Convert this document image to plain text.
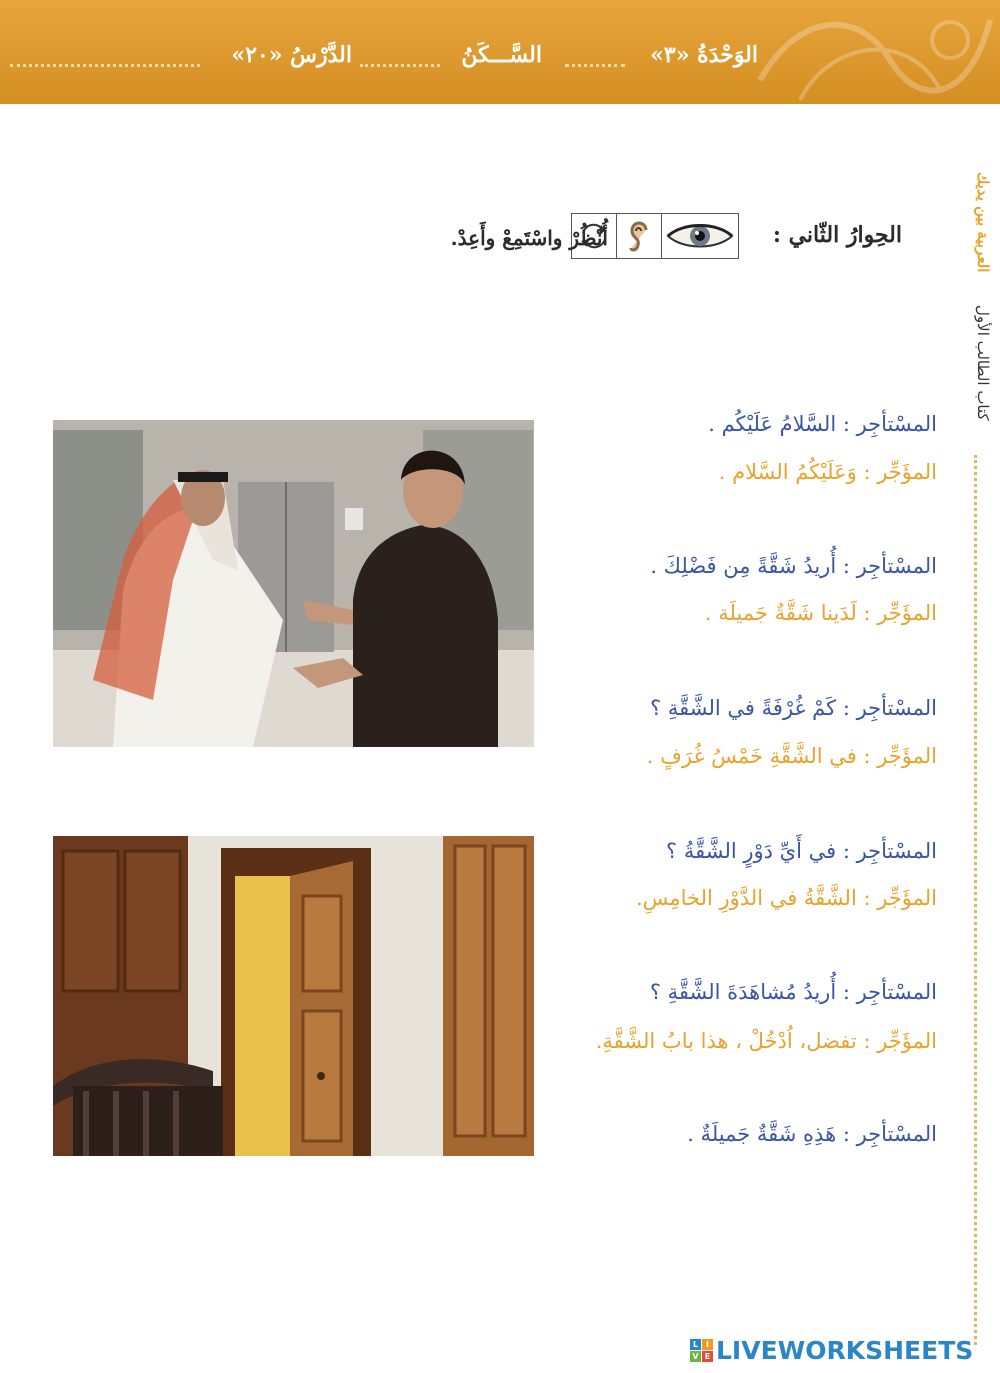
الوَحْدَةُ «٣»
السَّـــكَنُ
الدَّرْسُ «٢٠»
العربية بين يديك
كتاب الطالب الأول
الحِوارُ الثّاني :
أُنْظُرْ واسْتَمِعْ وأَعِدْ.
المسْتأجِر : السَّلامُ عَلَيْكُم .
المؤَجِّر : وَعَلَيْكُمُ السَّلام .
المسْتأجِر : أُريدُ شَقَّةً مِن فَضْلِكَ .
المؤَجِّر : لَدَينا شَقَّةٌ جَميلَة .
المسْتأجِر : كَمْ غُرْفَةً في الشَّقَّةِ ؟
المؤَجِّر : في الشَّقَّةِ خَمْسُ غُرَفٍ .
المسْتأجِر : في أَيِّ دَوْرٍ الشَّقَّةُ ؟
المؤَجِّر : الشَّقَّةُ في الدَّوْرِ الخامِسِ.
المسْتأجِر : أُريدُ مُشاهَدَةَ الشَّقَّةِ ؟
المؤَجِّر : تفضل، اُدْخُلْ ، هذا بابُ الشَّقَّةِ.
المسْتأجِر : هَذِهِ شَقَّةٌ جَميلَةٌ .
L I
V E LIVEWORKSHEETS
